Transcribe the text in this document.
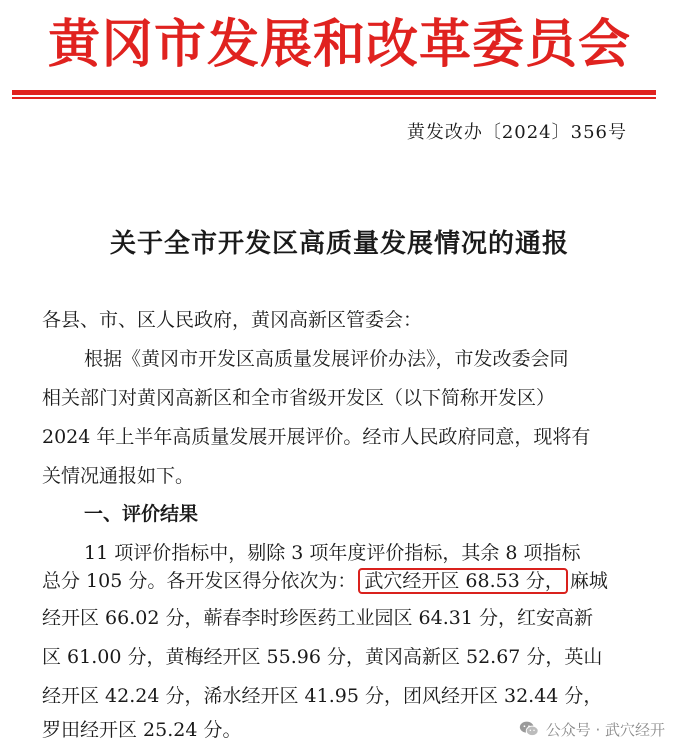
黄冈市发展和改革委员会
黄发改办〔2024〕356号
关于全市开发区高质量发展情况的通报
各县、市、区人民政府，黄冈高新区管委会：
根据《黄冈市开发区高质量发展评价办法》，市发改委会同
相关部门对黄冈高新区和全市省级开发区（以下简称开发区）
2024 年上半年高质量发展开展评价。经市人民政府同意，现将有
关情况通报如下。
一、评价结果
11 项评价指标中，剔除 3 项年度评价指标，其余 8 项指标
总分 105 分。各开发区得分依次为： 武穴经开区 68.53 分， 麻城
经开区 66.02 分，蕲春李时珍医药工业园区 64.31 分，红安高新
区 61.00 分，黄梅经开区 55.96 分，黄冈高新区 52.67 分，英山
经开区 42.24 分，浠水经开区 41.95 分，团风经开区 32.44 分，
罗田经开区 25.24 分。	公众号 · 武穴经开
